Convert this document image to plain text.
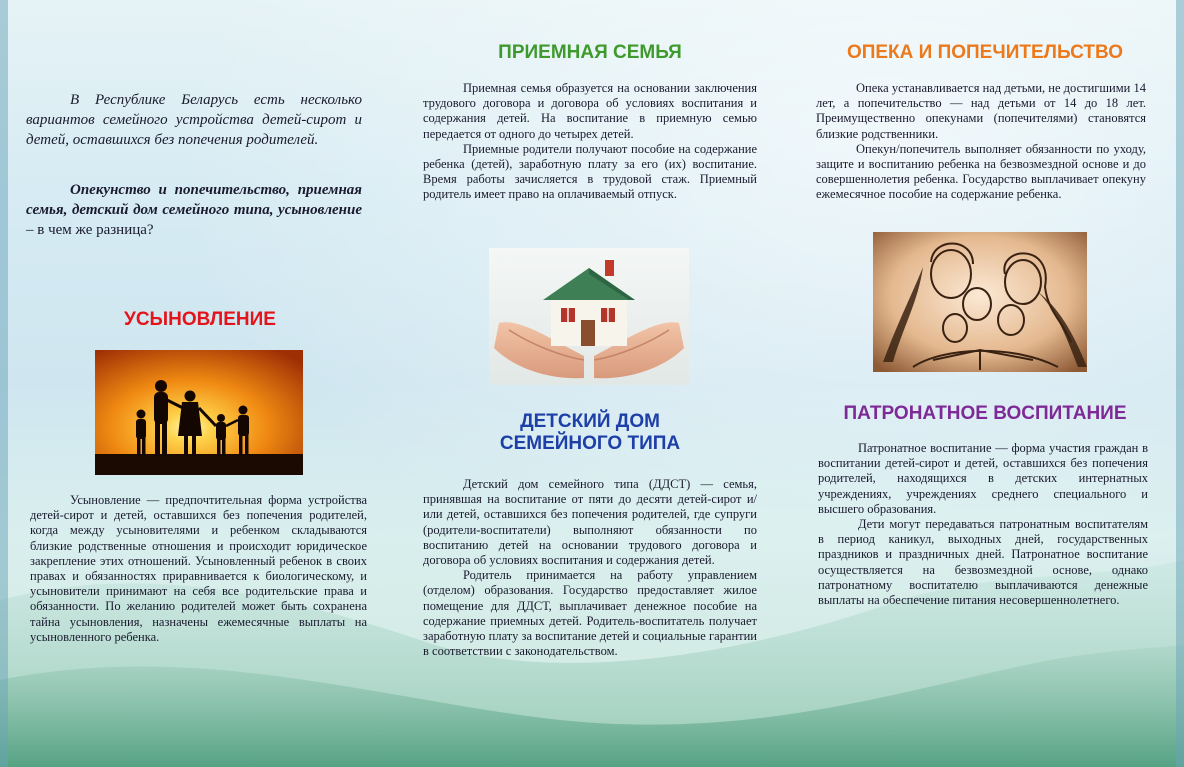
В Республике Беларусь есть несколько вариантов семейного устройства детей-сирот и детей, оставшихся без попечения родителей.

Опекунство и попечительство, приемная семья, детский дом семейного типа, усыновление – в чем же разница?

УСЫНОВЛЕНИЕ

Усыновление — предпочтительная форма устройства детей-сирот и детей, оставшихся без попечения родителей, когда между усыновителями и ребенком складываются близкие родственные отношения и происходит юридическое закрепление этих отношений. Усыновленный ребенок в своих правах и обязанностях приравнивается к биологическому, и усыновители принимают на себя все родительские права и обязанности. По желанию родителей может быть сохранена тайна усыновления, назначены ежемесячные выплаты на усыновленного ребенка.

ПРИЕМНАЯ СЕМЬЯ

Приемная семья образуется на основании заключения трудового договора и договора об условиях воспитания и содержания детей. На воспитание в приемную семью передается от одного до четырех детей.

Приемные родители получают пособие на содержание ребенка (детей), заработную плату за его (их) воспитание. Время работы зачисляется в трудовой стаж. Приемный родитель имеет право на оплачиваемый отпуск.

ДЕТСКИЙ ДОМ
СЕМЕЙНОГО ТИПА

Детский дом семейного типа (ДДСТ) — семья, принявшая на воспитание от пяти до десяти детей-сирот и/или детей, оставшихся без попечения родителей, где супруги (родители-воспитатели) выполняют обязанности по воспитанию детей на основании трудового договора и договора об условиях воспитания и содержания детей.

Родитель принимается на работу управлением (отделом) образования. Государство предоставляет жилое помещение для ДДСТ, выплачивает денежное пособие на содержание приемных детей. Родитель-воспитатель получает заработную плату за воспитание детей и социальные гарантии в соответствии с законодательством.

ОПЕКА И ПОПЕЧИТЕЛЬСТВО

Опека устанавливается над детьми, не достигшими 14 лет, а попечительство — над детьми от 14 до 18 лет. Преимущественно опекунами (попечителями) становятся близкие родственники.

Опекун/попечитель выполняет обязанности по уходу, защите и воспитанию ребенка на безвозмездной основе и до совершеннолетия ребенка. Государство выплачивает опекуну ежемесячное пособие на содержание ребенка.

ПАТРОНАТНОЕ ВОСПИТАНИЕ

Патронатное воспитание — форма участия граждан в воспитании детей-сирот и детей, оставшихся без попечения родителей, находящихся в детских интернатных учреждениях, учреждениях среднего специального и высшего образования.

Дети могут передаваться патронатным воспитателям в период каникул, выходных дней, государственных праздников и праздничных дней. Патронатное воспитание осуществляется на безвозмездной основе, однако патронатному воспитателю выплачиваются денежные выплаты на обеспечение питания несовершеннолетнего.
